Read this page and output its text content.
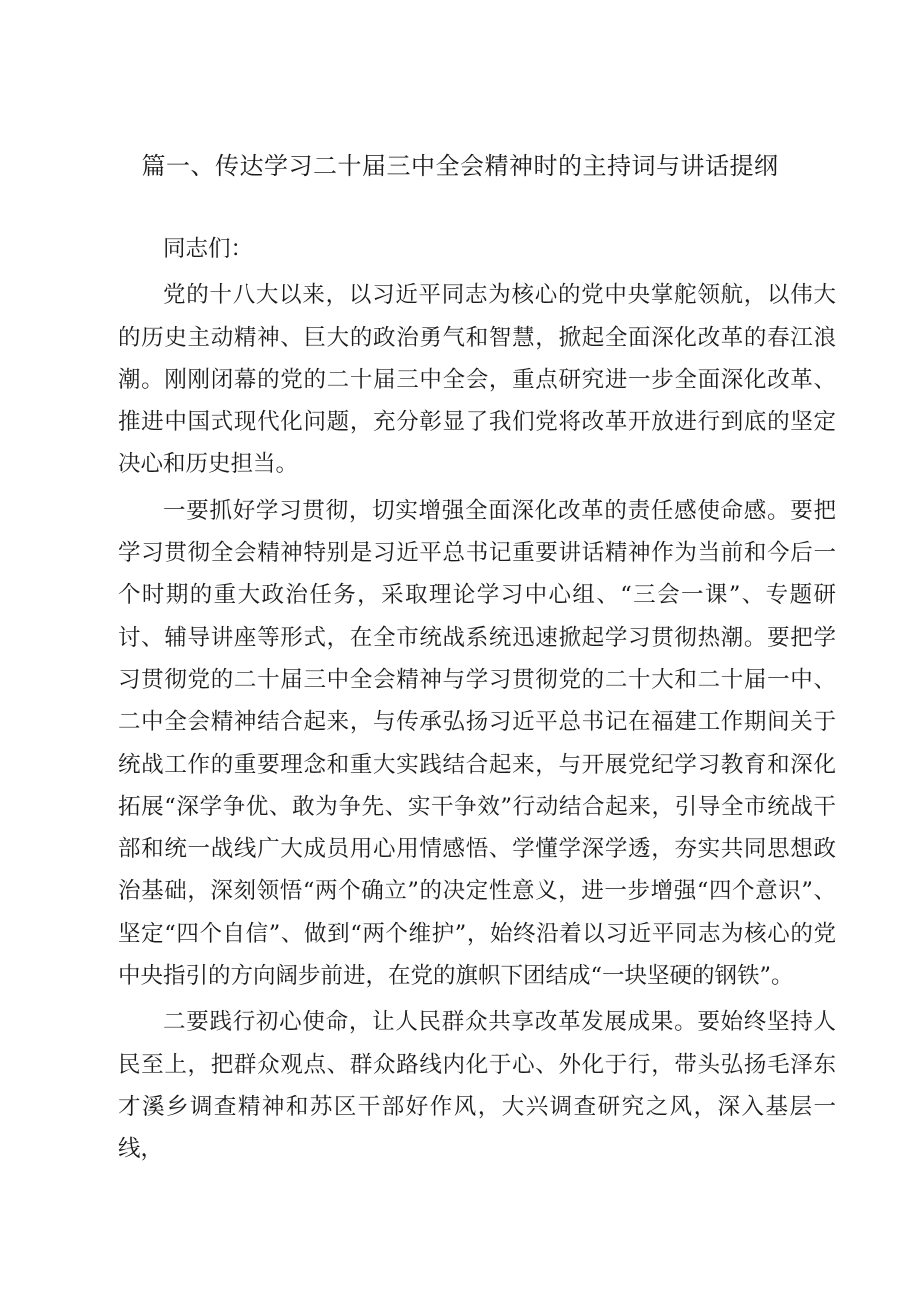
篇一、传达学习二十届三中全会精神时的主持词与讲话提纲

同志们：

党的十八大以来，以习近平同志为核心的党中央掌舵领航，以伟大的历史主动精神、巨大的政治勇气和智慧，掀起全面深化改革的春江浪潮。刚刚闭幕的党的二十届三中全会，重点研究进一步全面深化改革、推进中国式现代化问题，充分彰显了我们党将改革开放进行到底的坚定决心和历史担当。

一要抓好学习贯彻，切实增强全面深化改革的责任感使命感。要把学习贯彻全会精神特别是习近平总书记重要讲话精神作为当前和今后一个时期的重大政治任务，采取理论学习中心组、“三会一课”、专题研讨、辅导讲座等形式，在全市统战系统迅速掀起学习贯彻热潮。要把学习贯彻党的二十届三中全会精神与学习贯彻党的二十大和二十届一中、二中全会精神结合起来，与传承弘扬习近平总书记在福建工作期间关于统战工作的重要理念和重大实践结合起来，与开展党纪学习教育和深化拓展“深学争优、敢为争先、实干争效”行动结合起来，引导全市统战干部和统一战线广大成员用心用情感悟、学懂学深学透，夯实共同思想政治基础，深刻领悟“两个确立”的决定性意义，进一步增强“四个意识”、坚定“四个自信”、做到“两个维护”，始终沿着以习近平同志为核心的党中央指引的方向阔步前进，在党的旗帜下团结成“一块坚硬的钢铁”。

二要践行初心使命，让人民群众共享改革发展成果。要始终坚持人民至上，把群众观点、群众路线内化于心、外化于行，带头弘扬毛泽东才溪乡调查精神和苏区干部好作风，大兴调查研究之风，深入基层一线，
